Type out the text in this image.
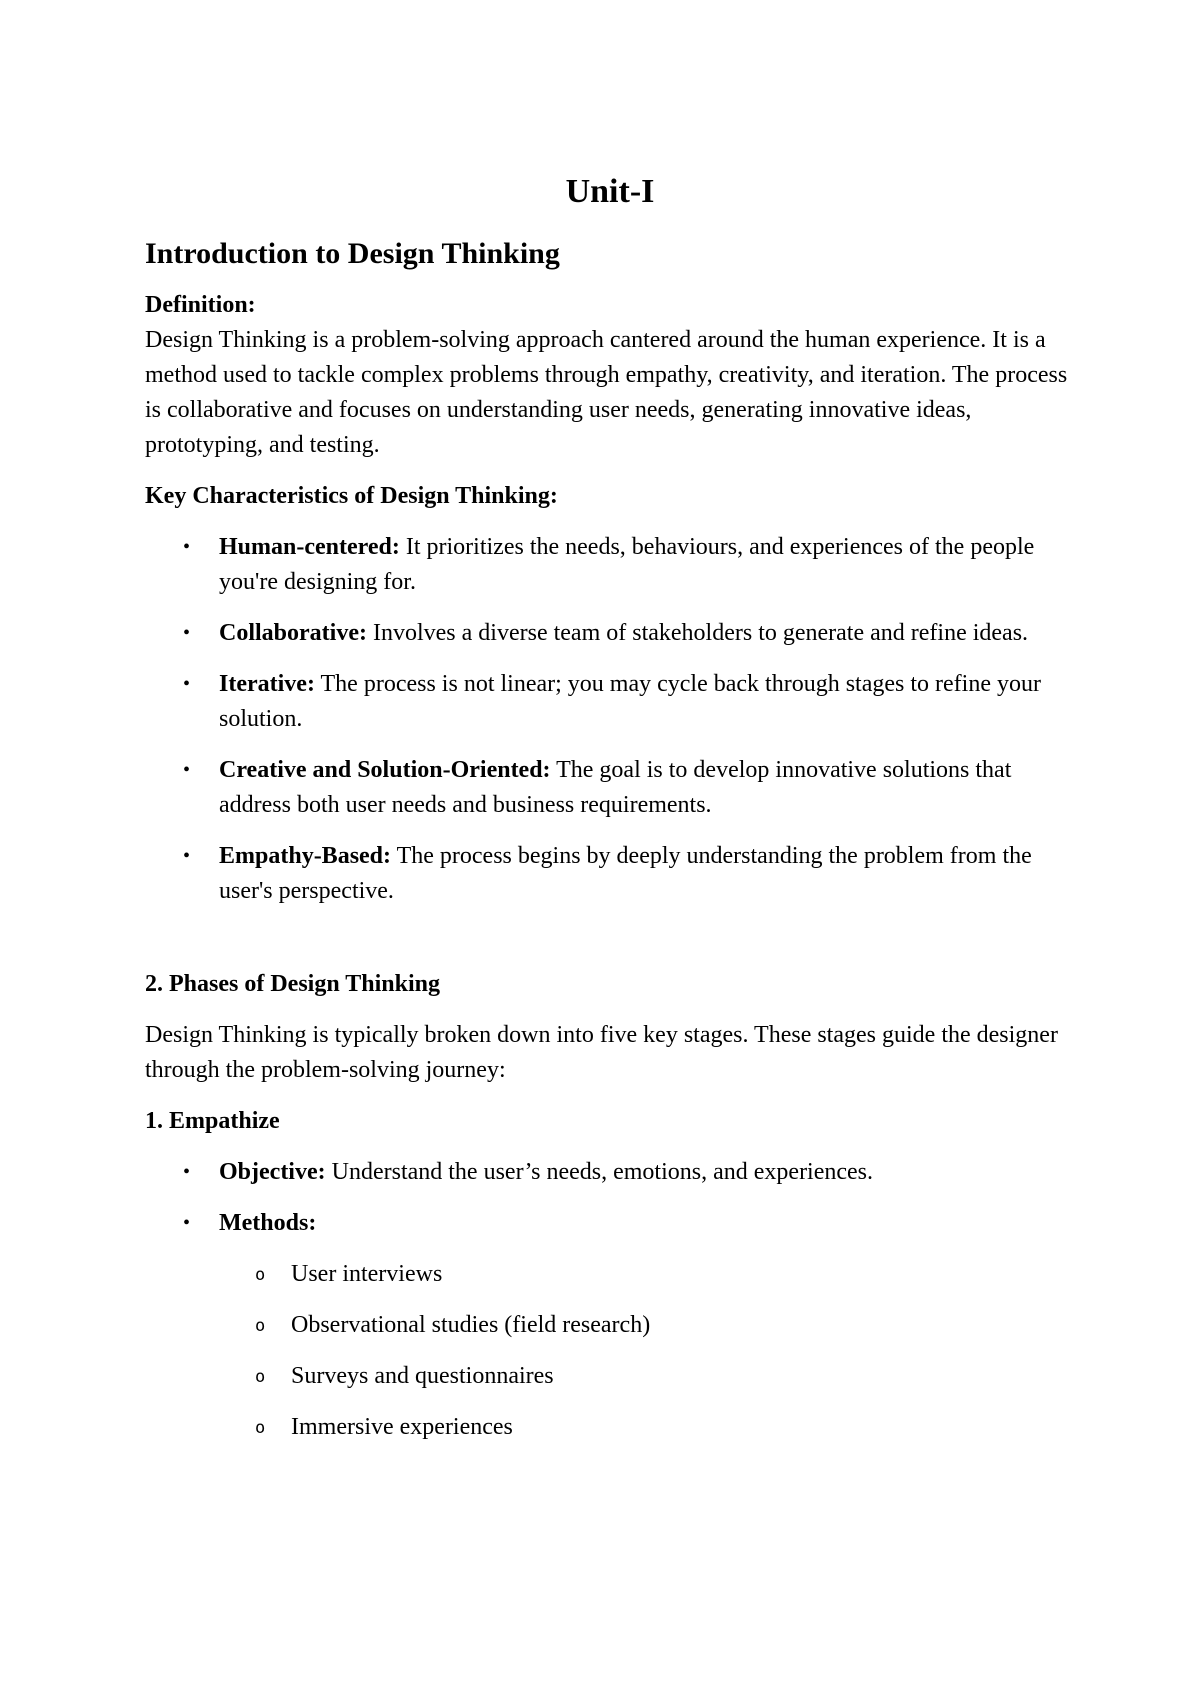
Unit-I
Introduction to Design Thinking
Definition:
Design Thinking is a problem-solving approach cantered around the human experience. It is a method used to tackle complex problems through empathy, creativity, and iteration. The process is collaborative and focuses on understanding user needs, generating innovative ideas, prototyping, and testing.
Key Characteristics of Design Thinking:
• Human-centered: It prioritizes the needs, behaviours, and experiences of the people you're designing for.
• Collaborative: Involves a diverse team of stakeholders to generate and refine ideas.
• Iterative: The process is not linear; you may cycle back through stages to refine your solution.
• Creative and Solution-Oriented: The goal is to develop innovative solutions that address both user needs and business requirements.
• Empathy-Based: The process begins by deeply understanding the problem from the user's perspective.
2. Phases of Design Thinking
Design Thinking is typically broken down into five key stages. These stages guide the designer through the problem-solving journey:
1. Empathize
• Objective: Understand the user’s needs, emotions, and experiences.
• Methods:
o User interviews
o Observational studies (field research)
o Surveys and questionnaires
o Immersive experiences
